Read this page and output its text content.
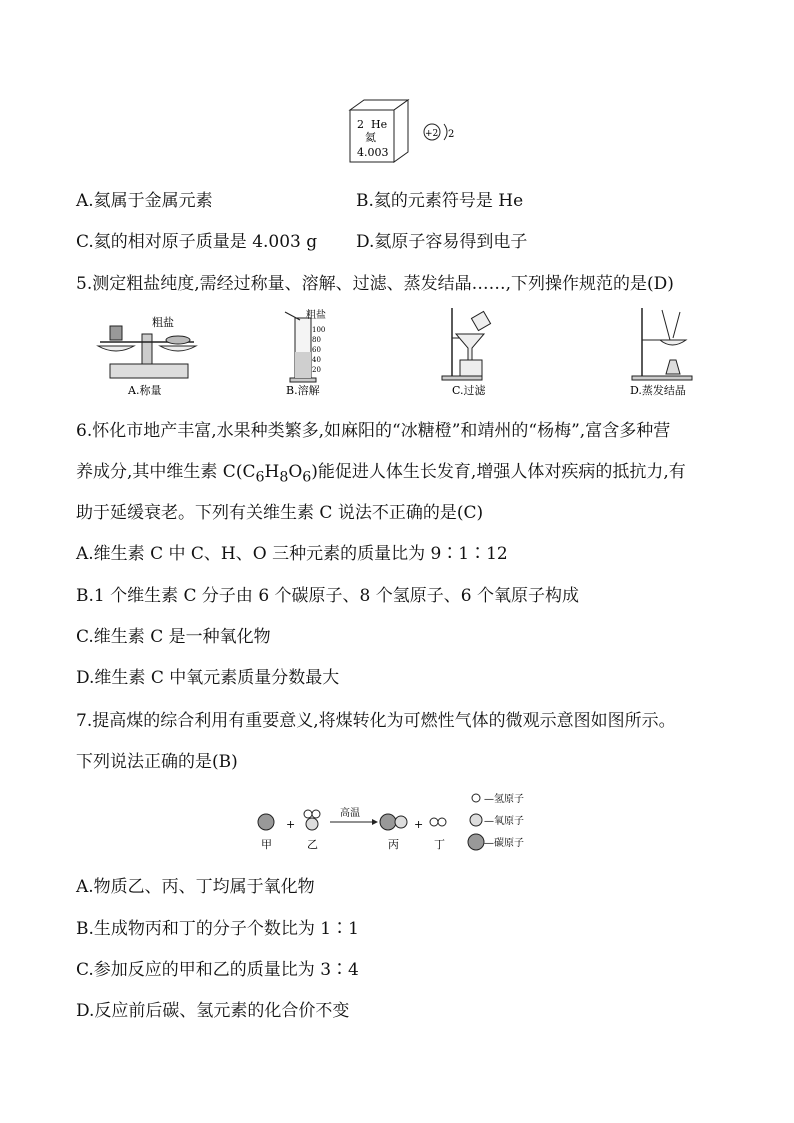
2 He
氦
4.003
+2 2
A.氦属于金属元素	B.氦的元素符号是 He
C.氦的相对原子质量是 4.003 g D.氦原子容易得到电子
5.测定粗盐纯度,需经过称量、溶解、过滤、蒸发结晶……,下列操作规范的是(D)
粗盐
A.称量
粗盐
100
80
60
40
20
B.溶解	C.过滤	D.蒸发结晶
6.怀化市地产丰富,水果种类繁多,如麻阳的“冰糖橙”和靖州的“杨梅”,富含多种营
养成分,其中维生素 $C(C_6H_8O_6)$能促进人体生长发育,增强人体对疾病的抵抗力,有
助于延缓衰老。下列有关维生素 C 说法不正确的是(C)
A.维生素 C 中 C、H、O 三种元素的质量比为 9∶1∶12
B.1 个维生素 C 分子由 6 个碳原子、8 个氢原子、6 个氧原子构成
C.维生素 C 是一种氧化物
D.维生素 C 中氧元素质量分数最大
7.提高煤的综合利用有重要意义,将煤转化为可燃性气体的微观示意图如图所示。
下列说法正确的是(B)
甲
+
乙
高温
丙
+
丁
—氢原子
—氧原子
—碳原子
A.物质乙、丙、丁均属于氧化物
B.生成物丙和丁的分子个数比为 1∶1
C.参加反应的甲和乙的质量比为 3∶4
D.反应前后碳、氢元素的化合价不变
